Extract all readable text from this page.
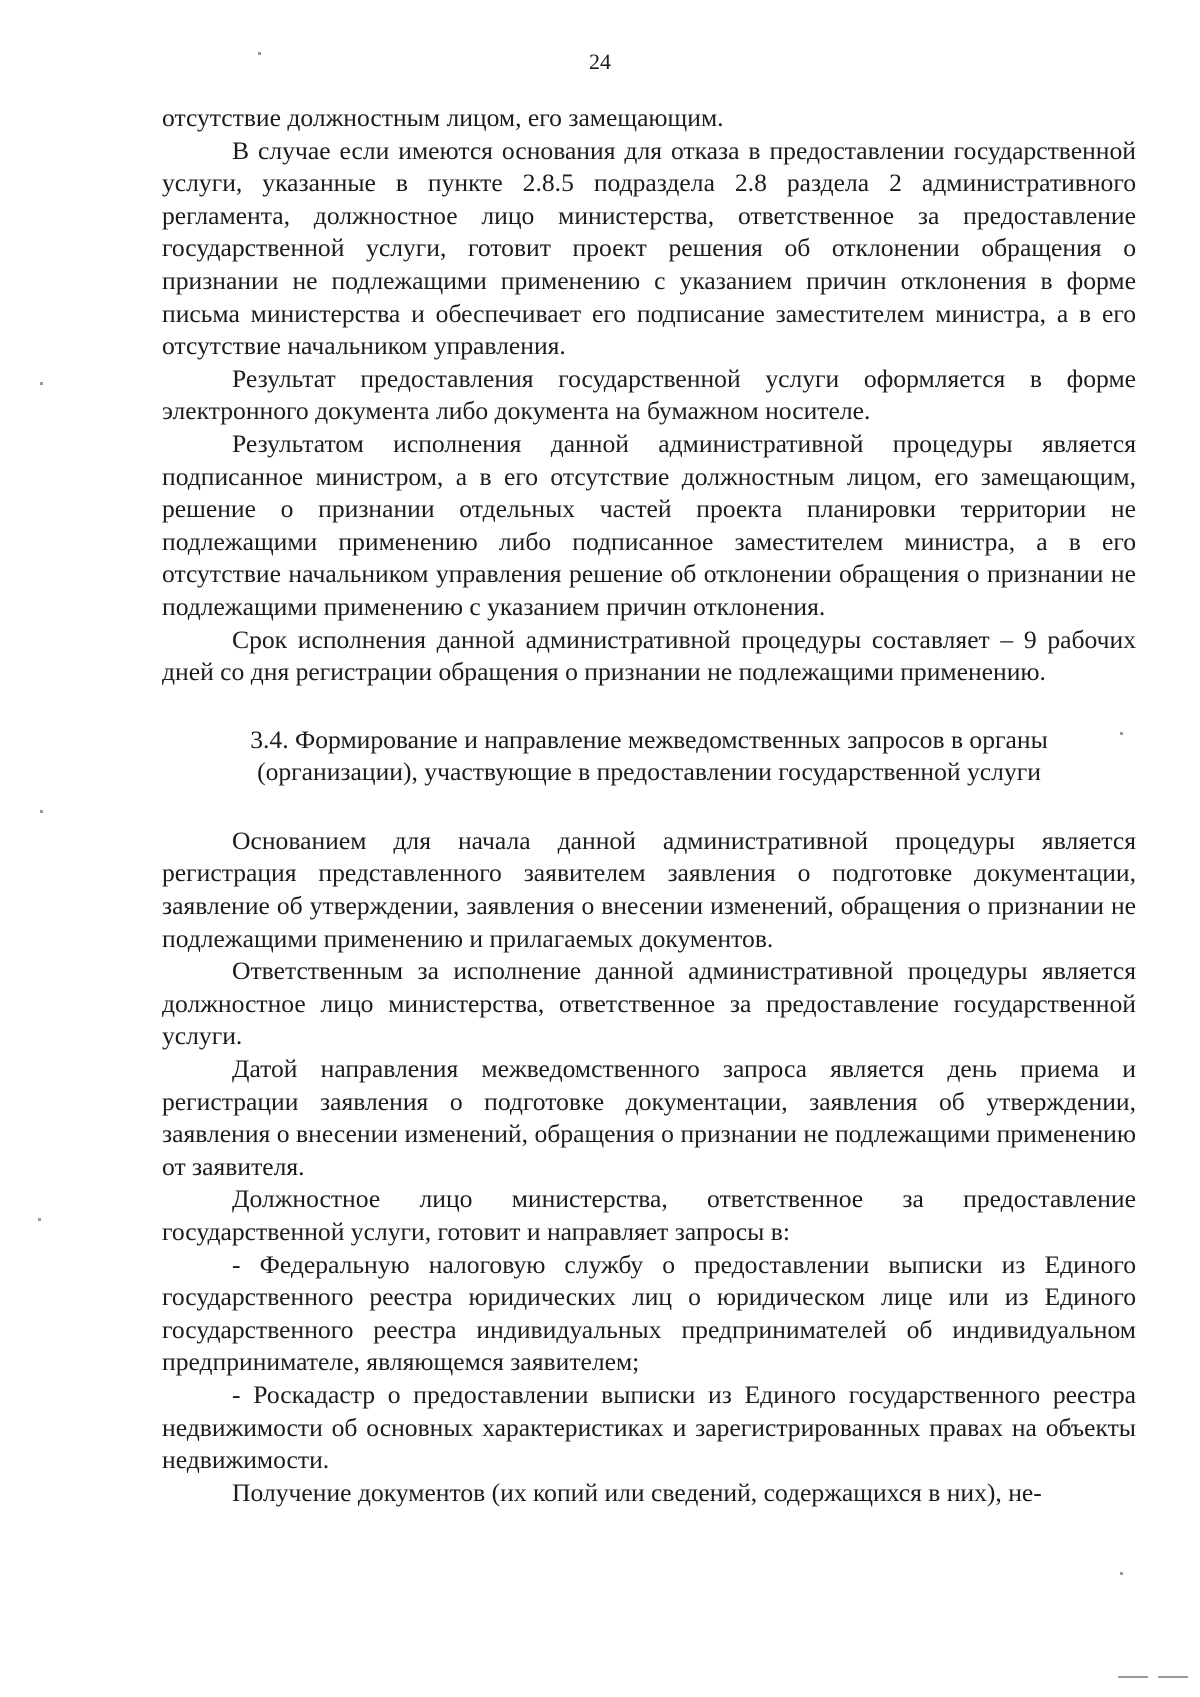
24

отсутствие должностным лицом, его замещающим.

В случае если имеются основания для отказа в предоставлении государственной услуги, указанные в пункте 2.8.5 подраздела 2.8 раздела 2 административного регламента, должностное лицо министерства, ответственное за предоставление государственной услуги, готовит проект решения об отклонении обращения о признании не подлежащими применению с указанием причин отклонения в форме письма министерства и обеспечивает его подписание заместителем министра, а в его отсутствие начальником управления.

Результат предоставления государственной услуги оформляется в форме электронного документа либо документа на бумажном носителе.

Результатом исполнения данной административной процедуры является подписанное министром, а в его отсутствие должностным лицом, его замещающим, решение о признании отдельных частей проекта планировки территории не подлежащими применению либо подписанное заместителем министра, а в его отсутствие начальником управления решение об отклонении обращения о признании не подлежащими применению с указанием причин отклонения.

Срок исполнения данной административной процедуры составляет – 9 рабочих дней со дня регистрации обращения о признании не подлежащими применению.

3.4. Формирование и направление межведомственных запросов в органы (организации), участвующие в предоставлении государственной услуги

Основанием для начала данной административной процедуры является регистрация представленного заявителем заявления о подготовке документации, заявление об утверждении, заявления о внесении изменений, обращения о признании не подлежащими применению и прилагаемых документов.

Ответственным за исполнение данной административной процедуры является должностное лицо министерства, ответственное за предоставление государственной услуги.

Датой направления межведомственного запроса является день приема и регистрации заявления о подготовке документации, заявления об утверждении, заявления о внесении изменений, обращения о признании не подлежащими применению от заявителя.

Должностное лицо министерства, ответственное за предоставление государственной услуги, готовит и направляет запросы в:

- Федеральную налоговую службу о предоставлении выписки из Единого государственного реестра юридических лиц о юридическом лице или из Единого государственного реестра индивидуальных предпринимателей об индивидуальном предпринимателе, являющемся заявителем;

- Роскадастр о предоставлении выписки из Единого государственного реестра недвижимости об основных характеристиках и зарегистрированных правах на объекты недвижимости.

Получение документов (их копий или сведений, содержащихся в них), не-
